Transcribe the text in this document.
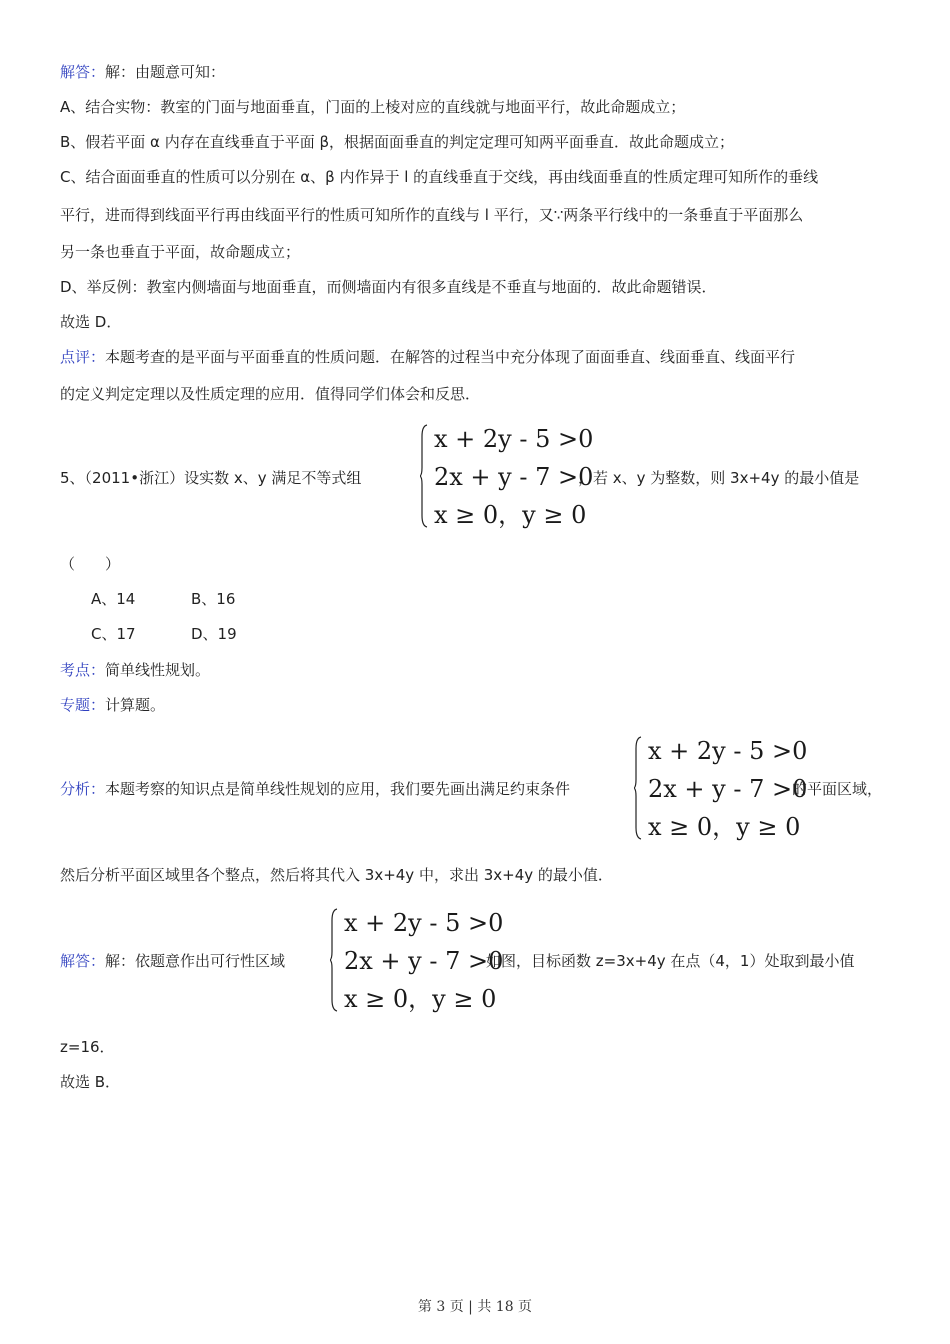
解答：解：由题意可知：
A、结合实物：教室的门面与地面垂直，门面的上棱对应的直线就与地面平行，故此命题成立；
B、假若平面 α 内存在直线垂直于平面 β，根据面面垂直的判定定理可知两平面垂直．故此命题成立；
C、结合面面垂直的性质可以分别在 α、β 内作异于 l 的直线垂直于交线，再由线面垂直的性质定理可知所作的垂线
平行，进而得到线面平行再由线面平行的性质可知所作的直线与 l 平行，又∵两条平行线中的一条垂直于平面那么
另一条也垂直于平面，故命题成立；
D、举反例：教室内侧墙面与地面垂直，而侧墙面内有很多直线是不垂直与地面的．故此命题错误．
故选 D．
点评：本题考查的是平面与平面垂直的性质问题．在解答的过程当中充分体现了面面垂直、线面垂直、线面平行
的定义判定定理以及性质定理的应用．值得同学们体会和反思．
5、（2011•浙江）设实数 x、y 满足不等式组
x + 2y - 5 >0
2x + y - 7 >0
x ≥ 0，y ≥ 0
，若 x、y 为整数，则 3x+4y 的最小值是
（　　）
A、14	B、16
C、17	D、19
考点：简单线性规划。
专题：计算题。
分析：本题考察的知识点是简单线性规划的应用，我们要先画出满足约束条件
x + 2y - 5 >0
2x + y - 7 >0
x ≥ 0，y ≥ 0
的平面区域，
然后分析平面区域里各个整点，然后将其代入 3x+4y 中，求出 3x+4y 的最小值．
解答：解：依题意作出可行性区域
x + 2y - 5 >0
2x + y - 7 >0
x ≥ 0，y ≥ 0
如图，目标函数 z=3x+4y 在点（4，1）处取到最小值
z=16．
故选 B．
第 3 页 | 共 18 页
